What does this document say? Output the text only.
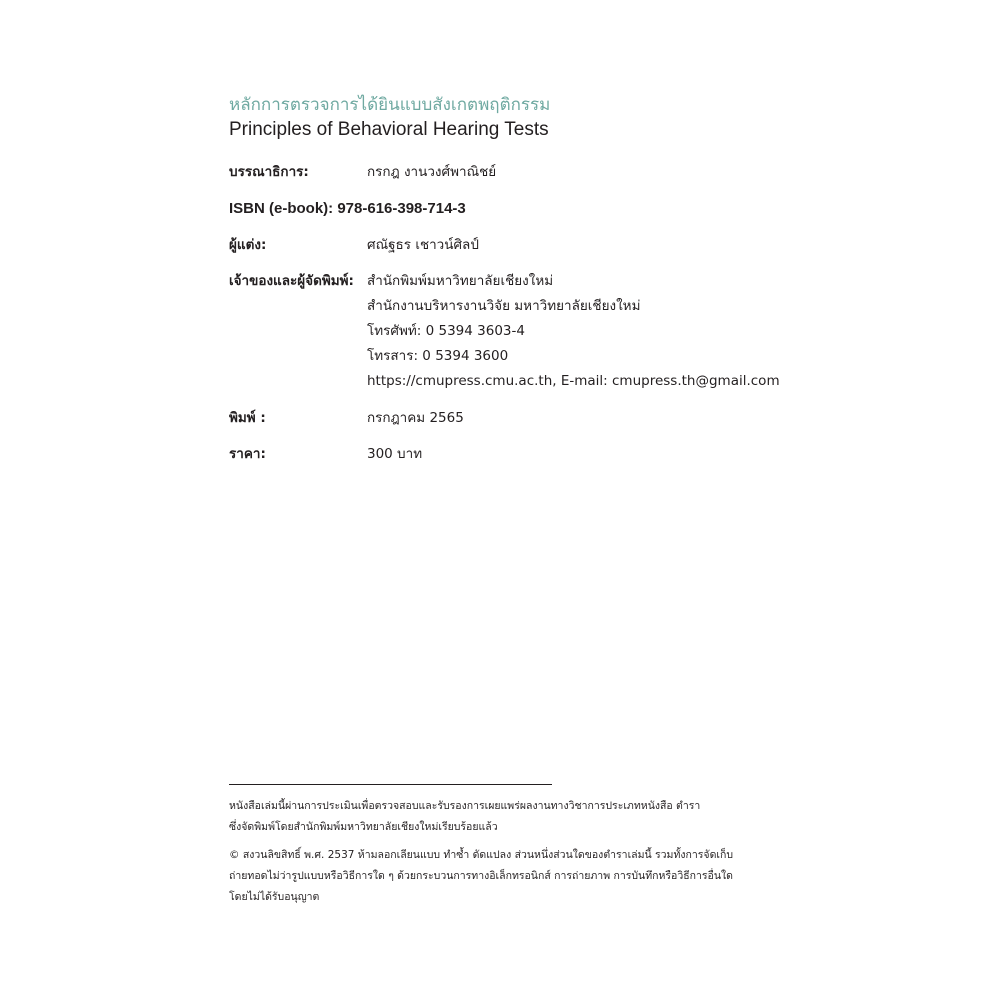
หลักการตรวจการได้ยินแบบสังเกตพฤติกรรม
Principles of Behavioral Hearing Tests
บรรณาธิการ:	กรกฎ งานวงศ์พาณิชย์
ISBN (e-book): 978-616-398-714-3
ผู้แต่ง:	ศณัฐธร เชาวน์ศิลป์
เจ้าของและผู้จัดพิมพ์: สำนักพิมพ์มหาวิทยาลัยเชียงใหม่
สำนักงานบริหารงานวิจัย มหาวิทยาลัยเชียงใหม่
โทรศัพท์: 0 5394 3603-4
โทรสาร: 0 5394 3600
https://cmupress.cmu.ac.th, E-mail: cmupress.th@gmail.com
พิมพ์ :	กรกฎาคม 2565
ราคา:	300 บาท
หนังสือเล่มนี้ผ่านการประเมินเพื่อตรวจสอบและรับรองการเผยแพร่ผลงานทางวิชาการประเภทหนังสือ ตำรา
ซึ่งจัดพิมพ์โดยสำนักพิมพ์มหาวิทยาลัยเชียงใหม่เรียบร้อยแล้ว
© สงวนลิขสิทธิ์ พ.ศ. 2537 ห้ามลอกเลียนแบบ ทำซ้ำ ดัดแปลง ส่วนหนึ่งส่วนใดของตำราเล่มนี้ รวมทั้งการจัดเก็บ
ถ่ายทอดไม่ว่ารูปแบบหรือวิธีการใด ๆ ด้วยกระบวนการทางอิเล็กทรอนิกส์ การถ่ายภาพ การบันทึกหรือวิธีการอื่นใด
โดยไม่ได้รับอนุญาต
